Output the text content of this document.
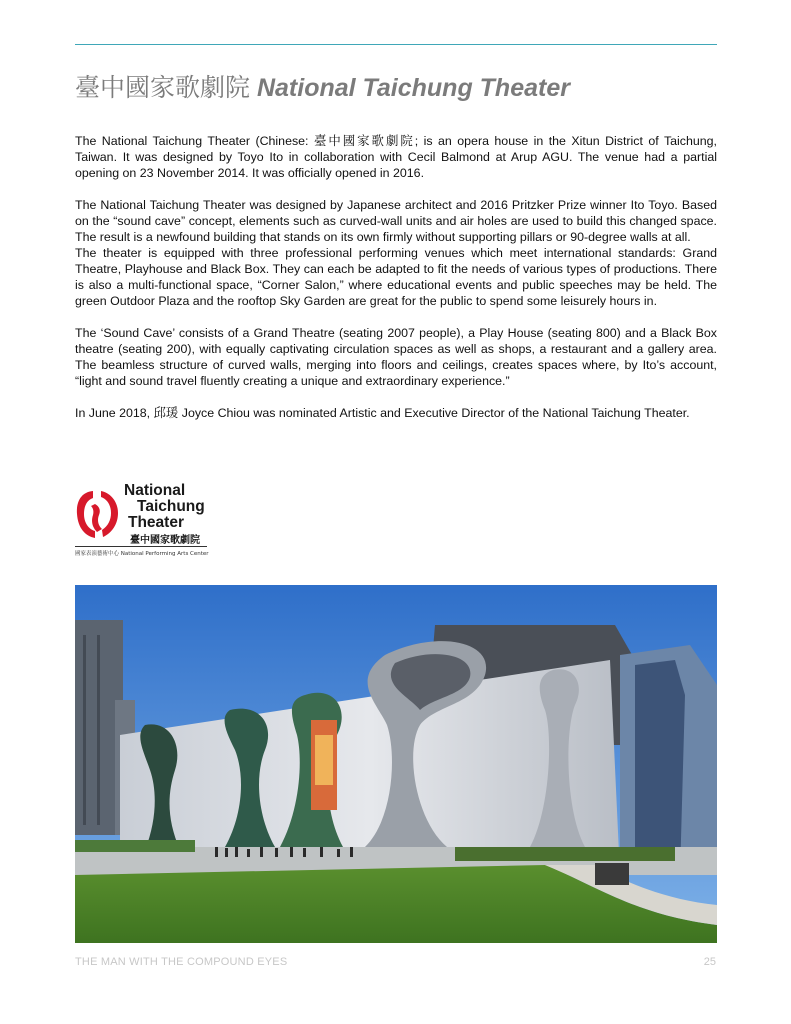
臺中國家歌劇院 National Taichung Theater

The National Taichung Theater (Chinese: 臺中國家歌劇院; is an opera house in the Xitun District of Taichung, Taiwan. It was designed by Toyo Ito in collaboration with Cecil Balmond at Arup AGU. The venue had a partial opening on 23 November 2014. It was officially opened in 2016.

The National Taichung Theater was designed by Japanese architect and 2016 Pritzker Prize winner Ito Toyo. Based on the “sound cave” concept, elements such as curved-wall units and air holes are used to build this changed space. The result is a newfound building that stands on its own firmly without supporting pillars or 90-degree walls at all.

The theater is equipped with three professional performing venues which meet international standards: Grand Theatre, Playhouse and Black Box. They can each be adapted to fit the needs of various types of productions. There is also a multi-functional space, “Corner Salon,” where educational events and public speeches may be held. The green Outdoor Plaza and the rooftop Sky Garden are great for the public to spend some leisurely hours in.

The ‘Sound Cave’ consists of a Grand Theatre (seating 2007 people), a Play House (seating 800) and a Black Box theatre (seating 200), with equally captivating circulation spaces as well as shops, a restaurant and a gallery area. The beamless structure of curved walls, merging into floors and ceilings, creates spaces where, by Ito’s account, “light and sound travel fluently creating a unique and extraordinary experience.”

In June 2018, 邱瑗 Joyce Chiou was nominated Artistic and Executive Director of the National Taichung Theater.

National
Taichung
Theater
臺中國家歌劇院
國家表演藝術中心 National Performing Arts Center
THE MAN WITH THE COMPOUND EYES	25
